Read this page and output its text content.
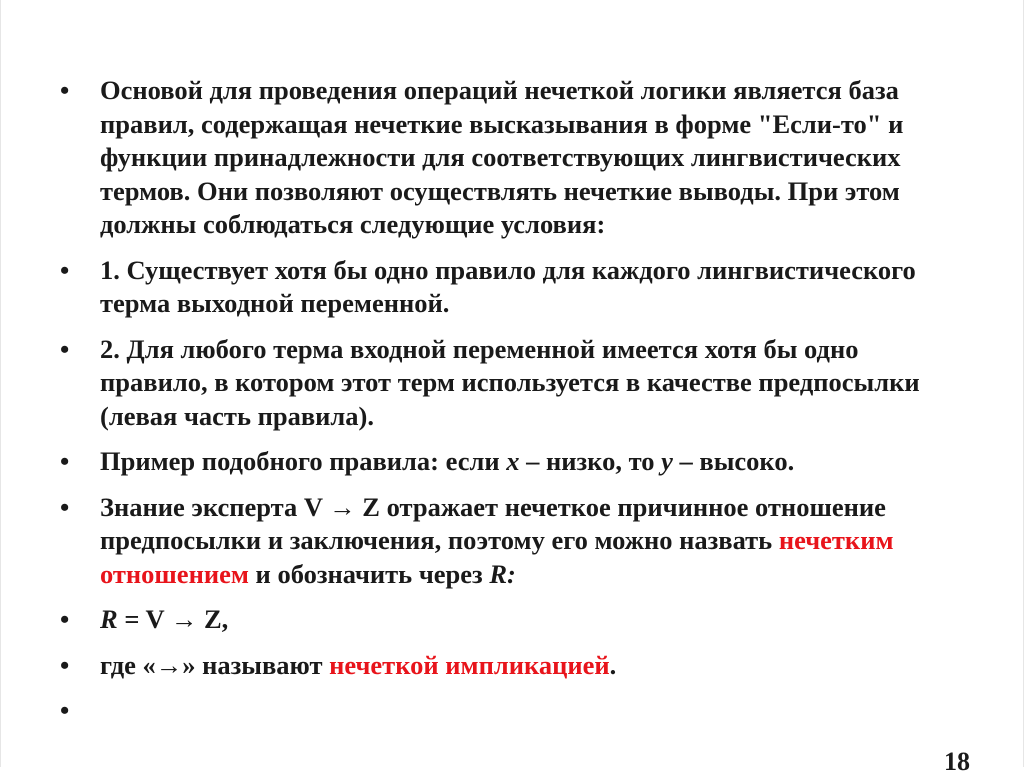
• Основой для проведения операций нечеткой логики является база правил, содержащая нечеткие высказывания в форме "Если-то" и функции принадлежности для соответствующих лингвистических термов. Они позволяют осуществлять нечеткие выводы. При этом должны соблюдаться следующие условия:
• 1. Существует хотя бы одно правило для каждого лингвистического терма выходной переменной.
• 2. Для любого терма входной переменной имеется хотя бы одно правило, в котором этот терм используется в качестве предпосылки (левая часть правила).
• Пример подобного правила: если x – низко, то y – высоко.
• Знание эксперта V → Z отражает нечеткое причинное отношение предпосылки и заключения, поэтому его можно назвать нечетким отношением и обозначить через R:
• R = V → Z,
• где «→» называют нечеткой импликацией.
•
18
